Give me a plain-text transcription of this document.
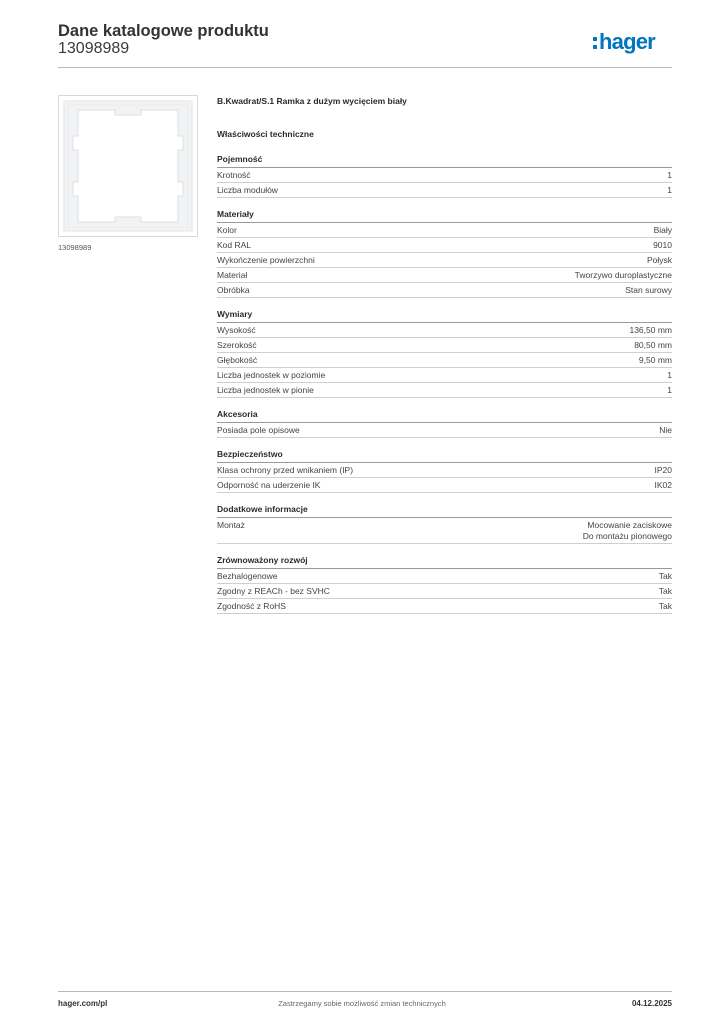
Dane katalogowe produktu
13098989	hager
13098989
B.Kwadrat/S.1 Ramka z dużym wycięciem biały
Właściwości techniczne
Pojemność
Krotność	1
Liczba modułów	1
Materiały
Kolor	Biały
Kod RAL	9010
Wykończenie powierzchni	Połysk
Materiał	Tworzywo duroplastyczne
Obróbka	Stan surowy
Wymiary
Wysokość	136,50 mm
Szerokość	80,50 mm
Głębokość	9,50 mm
Liczba jednostek w poziomie	1
Liczba jednostek w pionie	1
Akcesoria
Posiada pole opisowe	Nie
Bezpieczeństwo
Klasa ochrony przed wnikaniem (IP)	IP20
Odporność na uderzenie IK	IK02
Dodatkowe informacje
Montaż	Mocowanie zaciskowe
Do montażu pionowego
Zrównoważony rozwój
Bezhalogenowe	Tak
Zgodny z REACh - bez SVHC	Tak
Zgodność z RoHS	Tak
hager.com/pl	Zastrzegamy sobie możliwość zmian technicznych	04.12.2025
